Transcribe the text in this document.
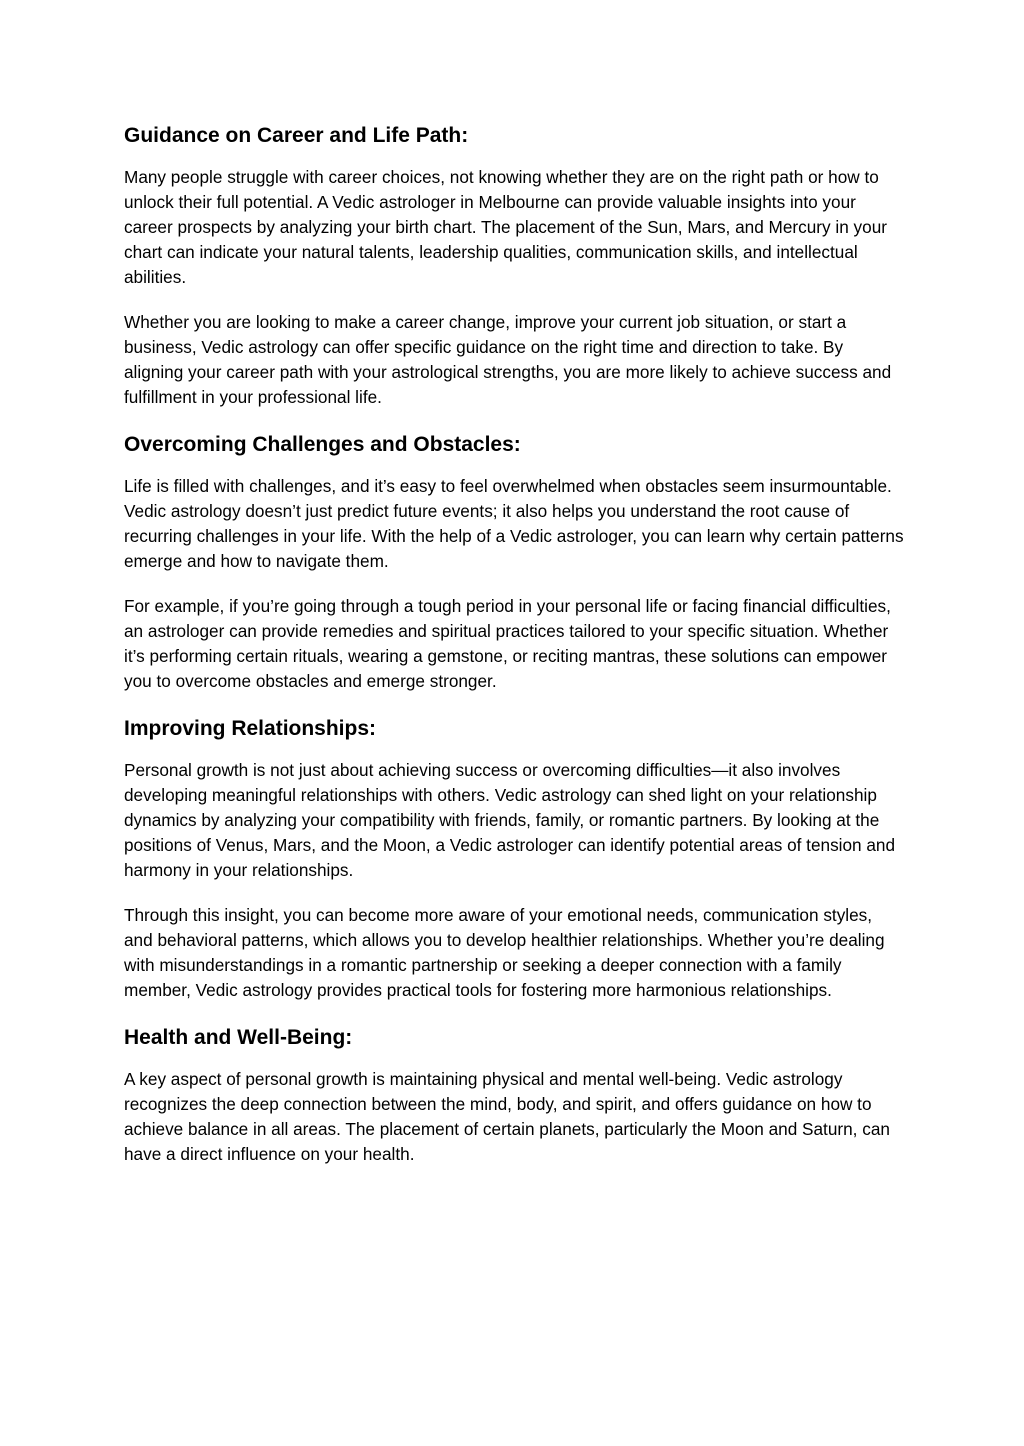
Guidance on Career and Life Path:

Many people struggle with career choices, not knowing whether they are on the right path or how to unlock their full potential. A Vedic astrologer in Melbourne can provide valuable insights into your career prospects by analyzing your birth chart. The placement of the Sun, Mars, and Mercury in your chart can indicate your natural talents, leadership qualities, communication skills, and intellectual abilities.

Whether you are looking to make a career change, improve your current job situation, or start a business, Vedic astrology can offer specific guidance on the right time and direction to take. By aligning your career path with your astrological strengths, you are more likely to achieve success and fulfillment in your professional life.

Overcoming Challenges and Obstacles:

Life is filled with challenges, and it’s easy to feel overwhelmed when obstacles seem insurmountable. Vedic astrology doesn’t just predict future events; it also helps you understand the root cause of recurring challenges in your life. With the help of a Vedic astrologer, you can learn why certain patterns emerge and how to navigate them.

For example, if you’re going through a tough period in your personal life or facing financial difficulties, an astrologer can provide remedies and spiritual practices tailored to your specific situation. Whether it’s performing certain rituals, wearing a gemstone, or reciting mantras, these solutions can empower you to overcome obstacles and emerge stronger.

Improving Relationships:

Personal growth is not just about achieving success or overcoming difficulties—it also involves developing meaningful relationships with others. Vedic astrology can shed light on your relationship dynamics by analyzing your compatibility with friends, family, or romantic partners. By looking at the positions of Venus, Mars, and the Moon, a Vedic astrologer can identify potential areas of tension and harmony in your relationships.

Through this insight, you can become more aware of your emotional needs, communication styles, and behavioral patterns, which allows you to develop healthier relationships. Whether you’re dealing with misunderstandings in a romantic partnership or seeking a deeper connection with a family member, Vedic astrology provides practical tools for fostering more harmonious relationships.

Health and Well-Being:

A key aspect of personal growth is maintaining physical and mental well-being. Vedic astrology recognizes the deep connection between the mind, body, and spirit, and offers guidance on how to achieve balance in all areas. The placement of certain planets, particularly the Moon and Saturn, can have a direct influence on your health.
